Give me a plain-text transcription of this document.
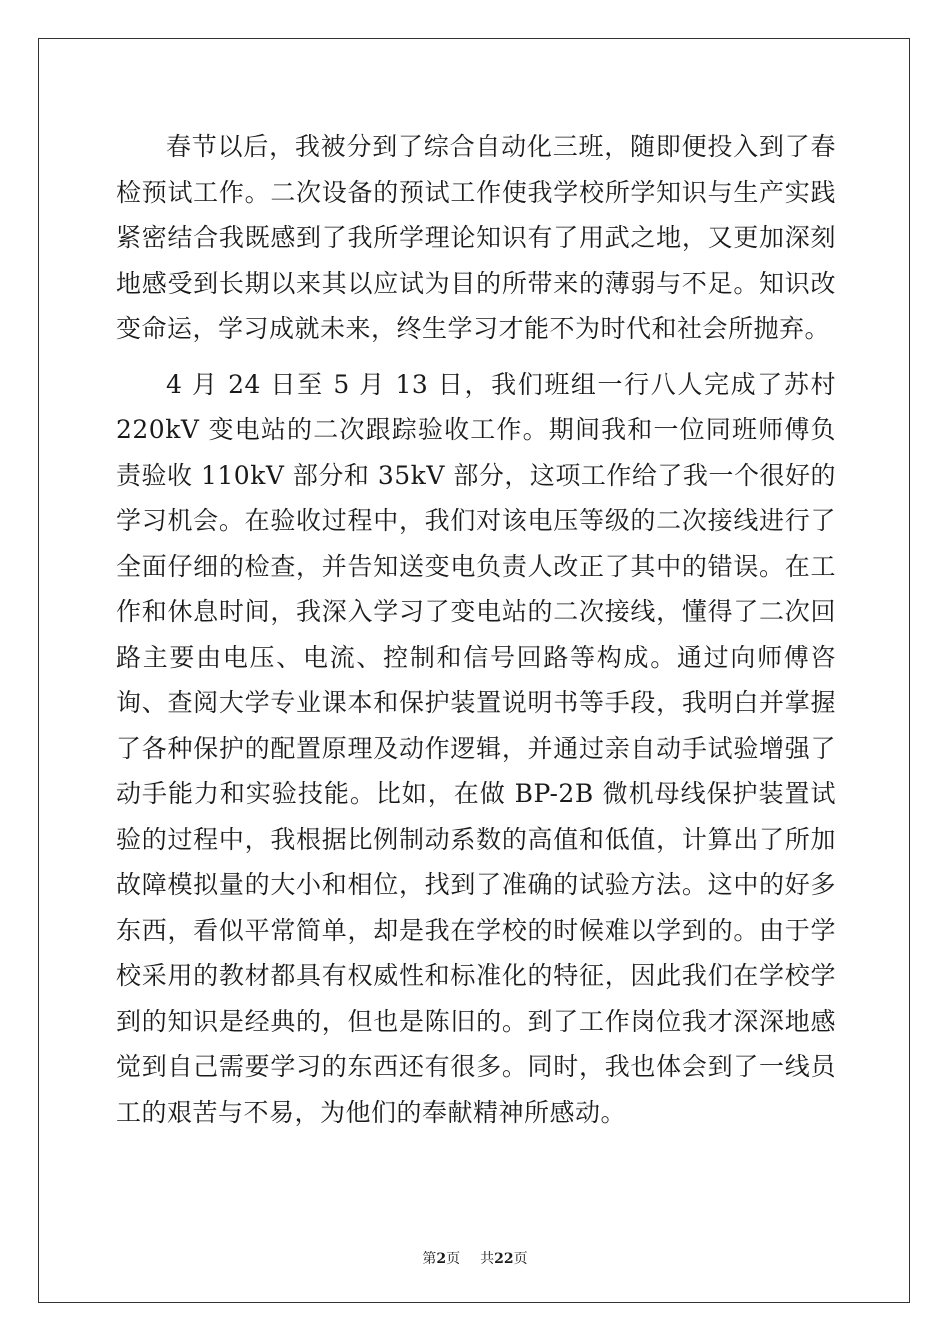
春节以后，我被分到了综合自动化三班，随即便投入到了春检预试工作。二次设备的预试工作使我学校所学知识与生产实践紧密结合我既感到了我所学理论知识有了用武之地，又更加深刻地感受到长期以来其以应试为目的所带来的薄弱与不足。知识改变命运，学习成就未来，终生学习才能不为时代和社会所抛弃。

4 月 24 日至 5 月 13 日，我们班组一行八人完成了苏村 220kV 变电站的二次跟踪验收工作。期间我和一位同班师傅负责验收 110kV 部分和 35kV 部分，这项工作给了我一个很好的学习机会。在验收过程中，我们对该电压等级的二次接线进行了全面仔细的检查，并告知送变电负责人改正了其中的错误。在工作和休息时间，我深入学习了变电站的二次接线，懂得了二次回路主要由电压、电流、控制和信号回路等构成。通过向师傅咨询、查阅大学专业课本和保护装置说明书等手段，我明白并掌握了各种保护的配置原理及动作逻辑，并通过亲自动手试验增强了动手能力和实验技能。比如，在做 BP-2B 微机母线保护装置试验的过程中，我根据比例制动系数的高值和低值，计算出了所加故障模拟量的大小和相位，找到了准确的试验方法。这中的好多东西，看似平常简单，却是我在学校的时候难以学到的。由于学校采用的教材都具有权威性和标准化的特征，因此我们在学校学到的知识是经典的，但也是陈旧的。到了工作岗位我才深深地感觉到自己需要学习的东西还有很多。同时，我也体会到了一线员工的艰苦与不易，为他们的奉献精神所感动。

第2页 共22页
